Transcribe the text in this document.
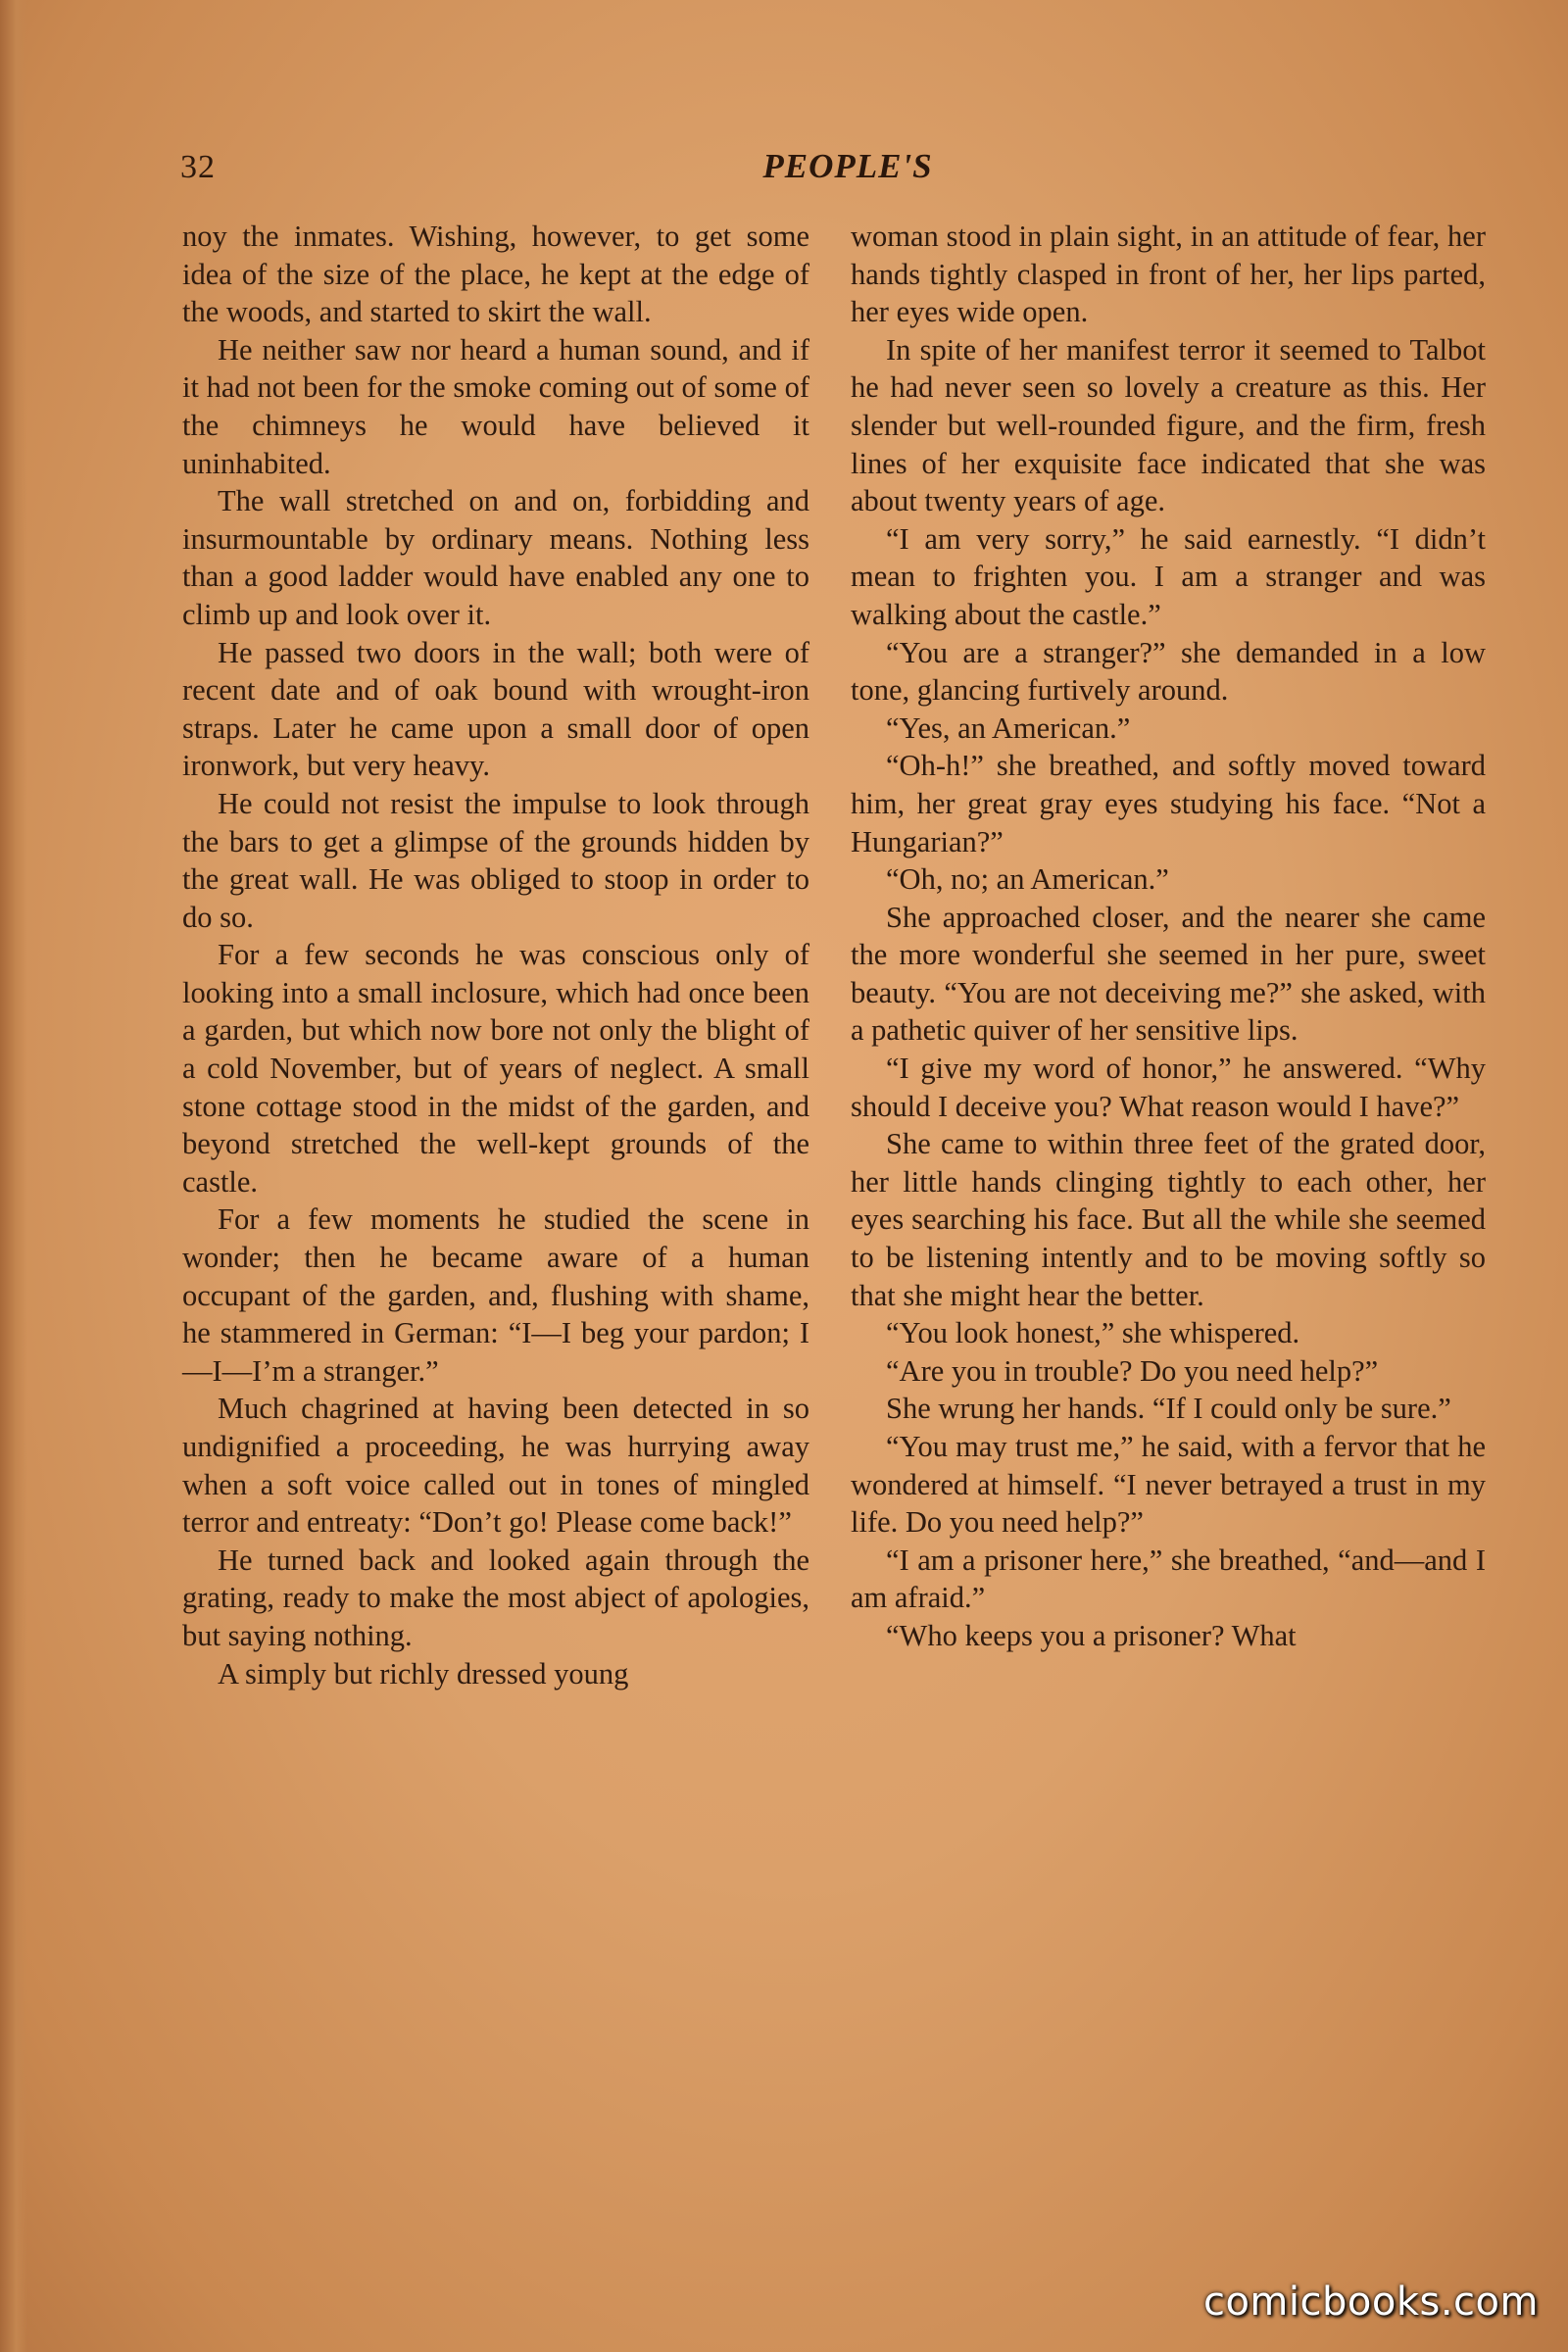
32	PEOPLE'S

noy the inmates. Wishing, however, to get some idea of the size of the place, he kept at the edge of the woods, and started to skirt the wall.

He neither saw nor heard a human sound, and if it had not been for the smoke coming out of some of the chimneys he would have believed it uninhabited.

The wall stretched on and on, forbidding and insurmountable by ordinary means. Nothing less than a good ladder would have enabled any one to climb up and look over it.

He passed two doors in the wall; both were of recent date and of oak bound with wrought-iron straps. Later he came upon a small door of open ironwork, but very heavy.

He could not resist the impulse to look through the bars to get a glimpse of the grounds hidden by the great wall. He was obliged to stoop in order to do so.

For a few seconds he was conscious only of looking into a small inclosure, which had once been a garden, but which now bore not only the blight of a cold November, but of years of neglect. A small stone cottage stood in the midst of the garden, and beyond stretched the well-kept grounds of the castle.

For a few moments he studied the scene in wonder; then he became aware of a human occupant of the garden, and, flushing with shame, he stammered in German: “I—I beg your pardon; I —I—I’m a stranger.”

Much chagrined at having been detected in so undignified a proceeding, he was hurrying away when a soft voice called out in tones of mingled terror and entreaty: “Don’t go! Please come back!”

He turned back and looked again through the grating, ready to make the most abject of apologies, but saying nothing.

A simply but richly dressed young

woman stood in plain sight, in an attitude of fear, her hands tightly clasped in front of her, her lips parted, her eyes wide open.

In spite of her manifest terror it seemed to Talbot he had never seen so lovely a creature as this. Her slender but well-rounded figure, and the firm, fresh lines of her exquisite face indicated that she was about twenty years of age.

“I am very sorry,” he said earnestly. “I didn’t mean to frighten you. I am a stranger and was walking about the castle.”

“You are a stranger?” she demanded in a low tone, glancing furtively around.

“Yes, an American.”

“Oh-h!” she breathed, and softly moved toward him, her great gray eyes studying his face. “Not a Hungarian?”

“Oh, no; an American.”

She approached closer, and the nearer she came the more wonderful she seemed in her pure, sweet beauty. “You are not deceiving me?” she asked, with a pathetic quiver of her sensitive lips.

“I give my word of honor,” he answered. “Why should I deceive you? What reason would I have?”

She came to within three feet of the grated door, her little hands clinging tightly to each other, her eyes searching his face. But all the while she seemed to be listening intently and to be moving softly so that she might hear the better.

“You look honest,” she whispered.

“Are you in trouble? Do you need help?”

She wrung her hands. “If I could only be sure.”

“You may trust me,” he said, with a fervor that he wondered at himself. “I never betrayed a trust in my life. Do you need help?”

“I am a prisoner here,” she breathed, “and—and I am afraid.”

“Who keeps you a prisoner? What

comicbooks.com
